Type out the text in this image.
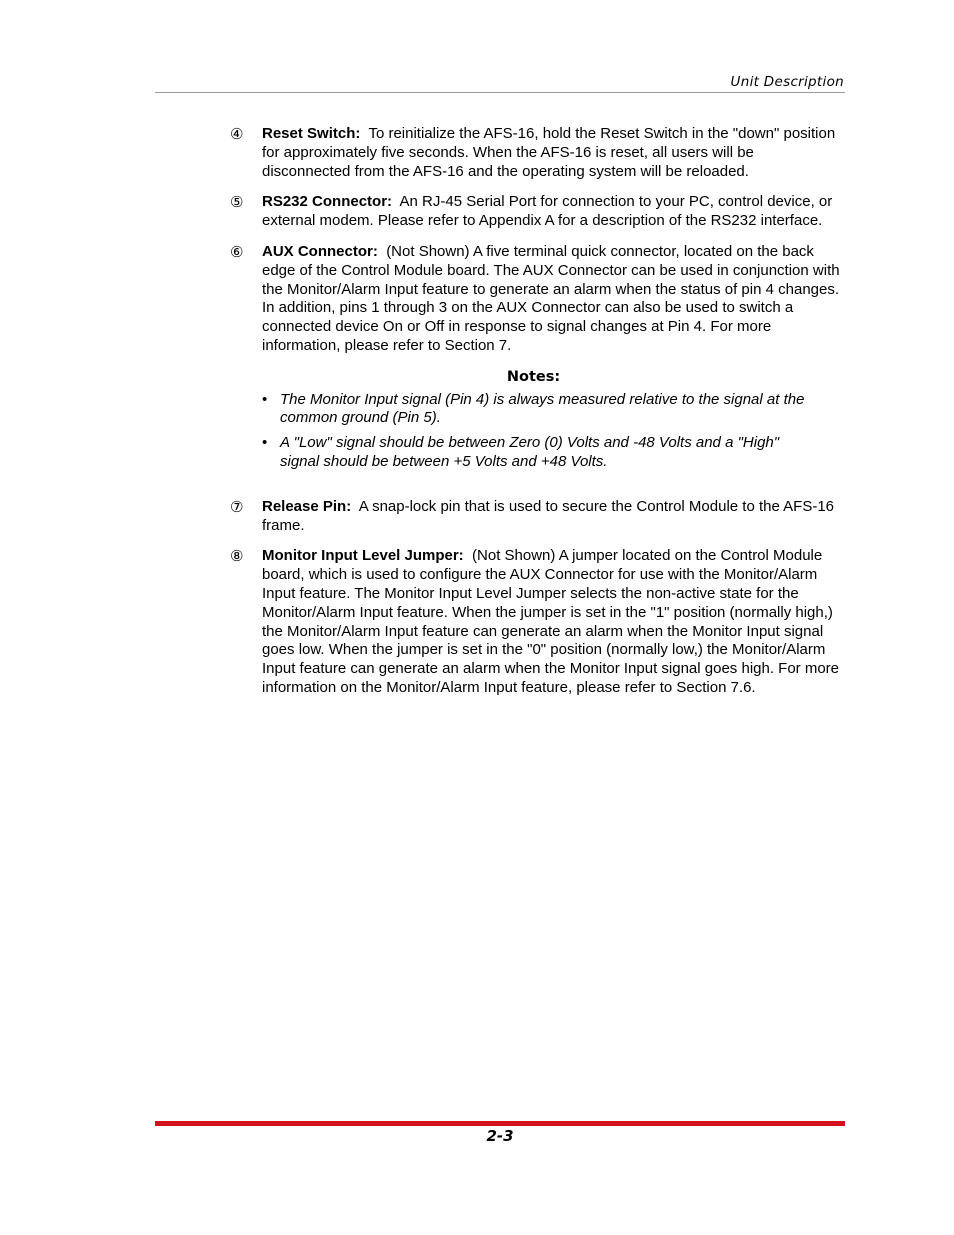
Unit Description
④	Reset Switch: To reinitialize the AFS-16, hold the Reset Switch in the "down" position for approximately five seconds. When the AFS-16 is reset, all users will be disconnected from the AFS-16 and the operating system will be reloaded.
⑤	RS232 Connector: An RJ-45 Serial Port for connection to your PC, control device, or external modem. Please refer to Appendix A for a description of the RS232 interface.
⑥	AUX Connector: (Not Shown) A five terminal quick connector, located on the back edge of the Control Module board. The AUX Connector can be used in conjunction with the Monitor/Alarm Input feature to generate an alarm when the status of pin 4 changes. In addition, pins 1 through 3 on the AUX Connector can also be used to switch a connected device On or Off in response to signal changes at Pin 4. For more information, please refer to Section 7.
Notes:
• The Monitor Input signal (Pin 4) is always measured relative to the signal at the common ground (Pin 5).
• A "Low" signal should be between Zero (0) Volts and -48 Volts and a "High" signal should be between +5 Volts and +48 Volts.
⑦	Release Pin: A snap-lock pin that is used to secure the Control Module to the AFS-16 frame.
⑧	Monitor Input Level Jumper: (Not Shown) A jumper located on the Control Module board, which is used to configure the AUX Connector for use with the Monitor/Alarm Input feature. The Monitor Input Level Jumper selects the non-active state for the Monitor/Alarm Input feature. When the jumper is set in the "1" position (normally high,) the Monitor/Alarm Input feature can generate an alarm when the Monitor Input signal goes low. When the jumper is set in the "0" position (normally low,) the Monitor/Alarm Input feature can generate an alarm when the Monitor Input signal goes high. For more information on the Monitor/Alarm Input feature, please refer to Section 7.6.
2-3
